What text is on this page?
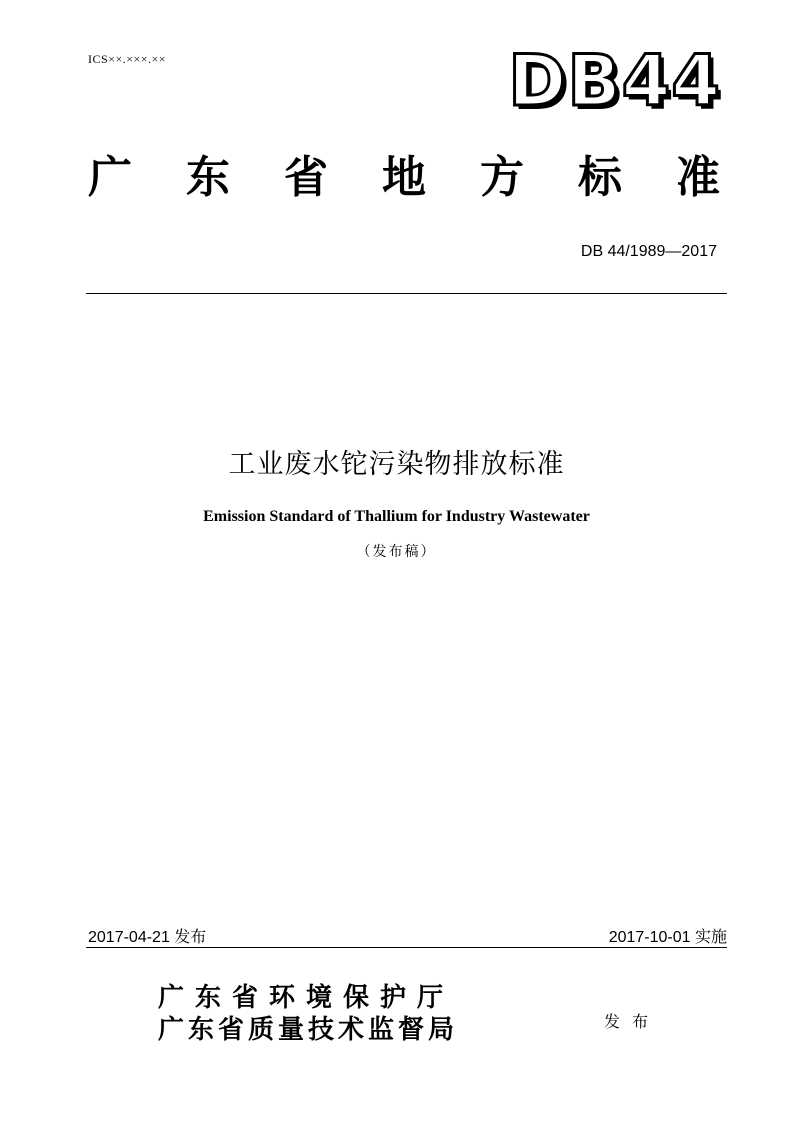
ICS××.×××.××	DB44
广 东 省 地 方 标 准
DB 44/1989—2017
工业废水铊污染物排放标准
Emission Standard of Thallium for Industry Wastewater
（发布稿）
2017-04-21 发布	2017-10-01 实施
广东省环境保护厅
广东省质量技术监督局	发布
